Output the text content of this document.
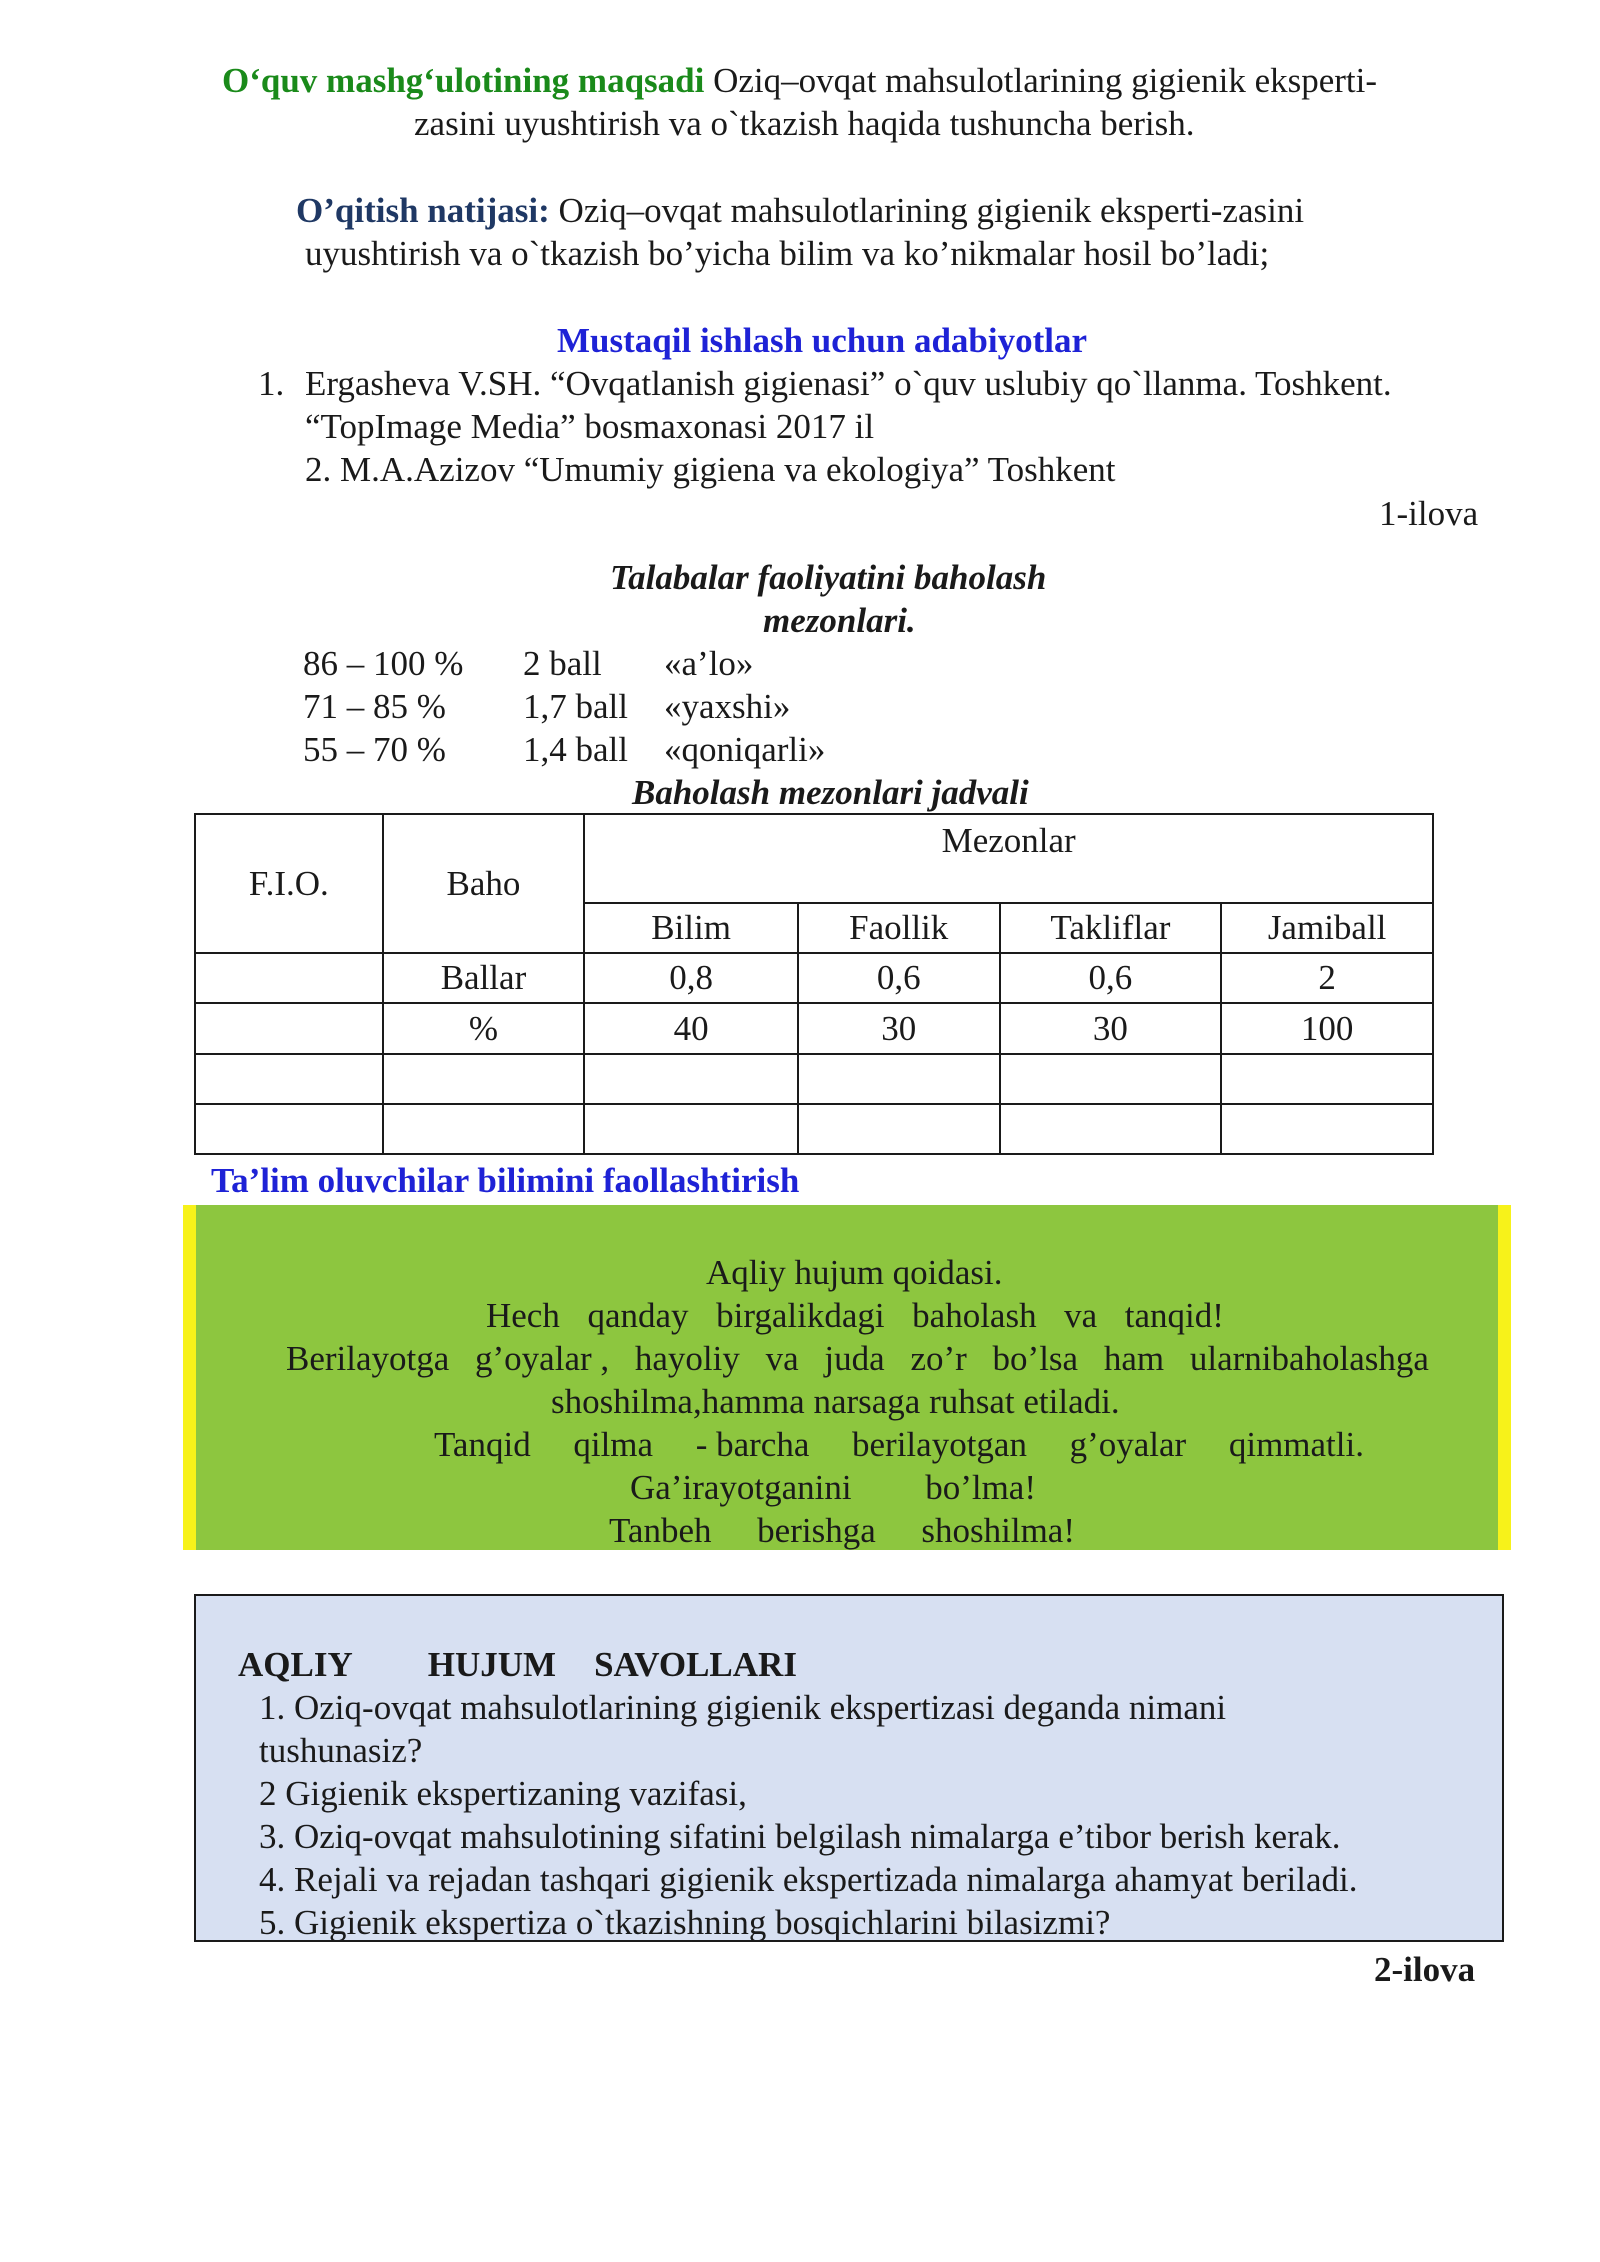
O‘quv mashg‘ulotining maqsadi Oziq–ovqat mahsulotlarining gigienik eksperti-
zasini uyushtirish va o`tkazish haqida tushuncha berish.
O’qitish natijasi: Oziq–ovqat mahsulotlarining gigienik eksperti-zasini
uyushtirish va o`tkazish bo’yicha bilim va ko’nikmalar hosil bo’ladi;
Mustaqil ishlash uchun adabiyotlar
1. Ergasheva V.SH. “Ovqatlanish gigienasi” o`quv uslubiy qo`llanma. Toshkent.
“TopImage Media” bosmaxonasi 2017 il
2. M.A.Azizov “Umumiy gigiena va ekologiya” Toshkent
1-ilova
Talabalar faoliyatini baholash
mezonlari.
86 – 100 % 2 ball «a’lo»
71 – 85 % 1,7 ball «yaxshi»
55 – 70 % 1,4 ball «qoniqarli»
Baholash mezonlari jadvali
F.I.O.	Baho	Mezonlar			
		Bilim	Faollik	Takliflar	Jamiball
	Ballar	0,8	0,6	0,6	2
	%	40	30	30	100

Ta’lim oluvchilar bilimini faollashtirish
Aqliy hujum qoidasi.
Hech qanday birgalikdagi baholash va tanqid!
Berilayotga g’oyalar , hayoliy va juda zo’r bo’lsa ham ularnibaholashga
shoshilma,hamma narsaga ruhsat etiladi.
Tanqid qilma - barcha berilayotgan g’oyalar qimmatli.
Ga’irayotganini bo’lma!
Tanbeh berishga shoshilma!
AQLIY HUJUM SAVOLLARI
1. Oziq-ovqat mahsulotlarining gigienik ekspertizasi deganda nimani
tushunasiz?
2 Gigienik ekspertizaning vazifasi,
3. Oziq-ovqat mahsulotining sifatini belgilash nimalarga e’tibor berish kerak.
4. Rejali va rejadan tashqari gigienik ekspertizada nimalarga ahamyat beriladi.
5. Gigienik ekspertiza o`tkazishning bosqichlarini bilasizmi?
2-ilova
